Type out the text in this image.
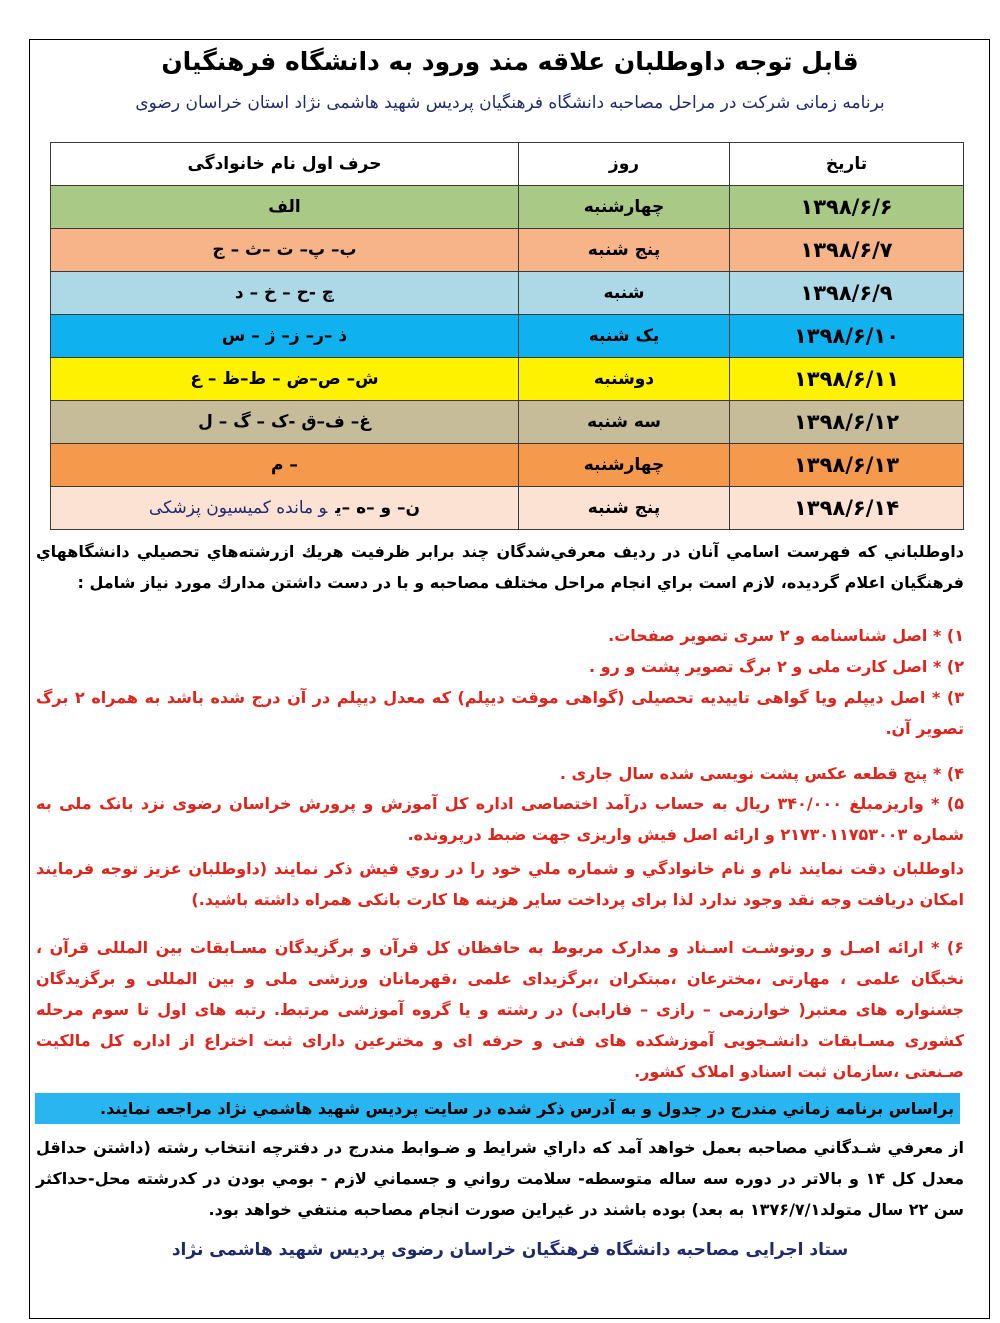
قابل توجه داوطلبان علاقه مند ورود به دانشگاه فرهنگیان
برنامه زمانی شرکت در مراحل مصاحبه دانشگاه فرهنگیان پردیس شهید هاشمی نژاد استان خراسان رضوی
تاریخ	روز	حرف اول نام خانوادگی
۱۳۹۸/۶/۶	چهارشنبه	الف
۱۳۹۸/۶/۷	پنج شنبه	ب– پ– ت –ث – ج
۱۳۹۸/۶/۹	شنبه	چ -ح – خ – د
۱۳۹۸/۶/۱۰	یک شنبه	ذ –ر– ز– ژ – س
۱۳۹۸/۶/۱۱	دوشنبه	ش– ص–ض – ط–ظ – ع
۱۳۹۸/۶/۱۲	سه شنبه	غ– ف–ق -ک – گ – ل
۱۳۹۸/۶/۱۳	چهارشنبه	– م
۱۳۹۸/۶/۱۴	پنج شنبه	ن– و –ه –یو مانده کمیسیون پزشکی
داوطلباني كه فهرست اسامي آنان در رديف معرفي‌شدگان چند برابر ظرفيت هريك ازرشته‌هاي تحصيلي دانشگاههاي فرهنگيان اعلام گرديده، لازم است براي انجام مراحل مختلف مصاحبه و با در دست داشتن مدارك مورد نياز شامل :
۱) * اصل شناسنامه و ۲ سری تصویر صفحات.
۲) * اصل کارت ملی و ۲ برگ تصویر پشت و رو .
۳) * اصل دیپلم ویا گواهی تاییدیه تحصیلی (گواهی موقت دیپلم) که معدل دیپلم در آن درج شده باشد به همراه ۲ برگ تصویر آن.
۴) * پنج قطعه عکس پشت نویسی شده سال جاری .
۵) * واریزمبلغ ۳۴۰/۰۰۰ ریال به حساب درآمد اختصاصی اداره کل آموزش و پرورش خراسان رضوی نزد بانک ملی به شماره ۲۱۷۳۰۱۱۷۵۳۰۰۳ و ارائه اصل فیش واریزی جهت ضبط درپرونده.
داوطلبان دقت نمایند نام و نام خانوادگي و شماره ملي خود را در روي فيش ذكر نمايند (داوطلبان عزیز توجه فرمایند امکان دریافت وجه نقد وجود ندارد لذا برای پرداخت سایر هزینه ها کارت بانکی همراه داشته باشید.)
۶) * ارائه اصـل و رونوشـت اسـناد و مدارک مربوط به حافظان کل قرآن و برگزیدگان مسـابقات بین المللی قرآن ، نخبگان علمی ، مهارتی ،مخترعان ،مبتکران ،برگزیدای علمی ،قهرمانان ورزشی ملی و بین المللی و برگزیدگان جشنواره های معتبر( خوارزمی – رازی – فارابی) در رشته و یا گروه آموزشی مرتبط. رتبه های اول تا سوم مرحله کشوری مسـابقات دانشـجویی آموزشکده های فنی و حرفه ای و مخترعین دارای ثبت اختراع از اداره کل مالکیت صـنعتی ،سازمان ثبت اسنادو املاک کشور.
براساس برنامه زماني مندرج در جدول و به آدرس ذكر شده در سايت پرديس شهيد هاشمي نژاد مراجعه نمايند.
از معرفي شـدگاني مصاحبه بعمل خواهد آمد كه داراي شرايط و ضـوابط مندرج در دفترچه انتخاب رشته (داشتن حداقل معدل كل ۱۴ و بالاتر در دوره سه ساله متوسطه- سلامت رواني و جسماني لازم - بومي بودن در كدرشته محل-حداكثر سن ۲۲ سال متولد۱۳۷۶/۷/۱ به بعد) بوده باشند در غيراين صورت انجام مصاحبه منتفي خواهد بود.
ستاد اجرایی مصاحبه دانشگاه فرهنگیان خراسان رضوی پردیس شهید هاشمی نژاد
